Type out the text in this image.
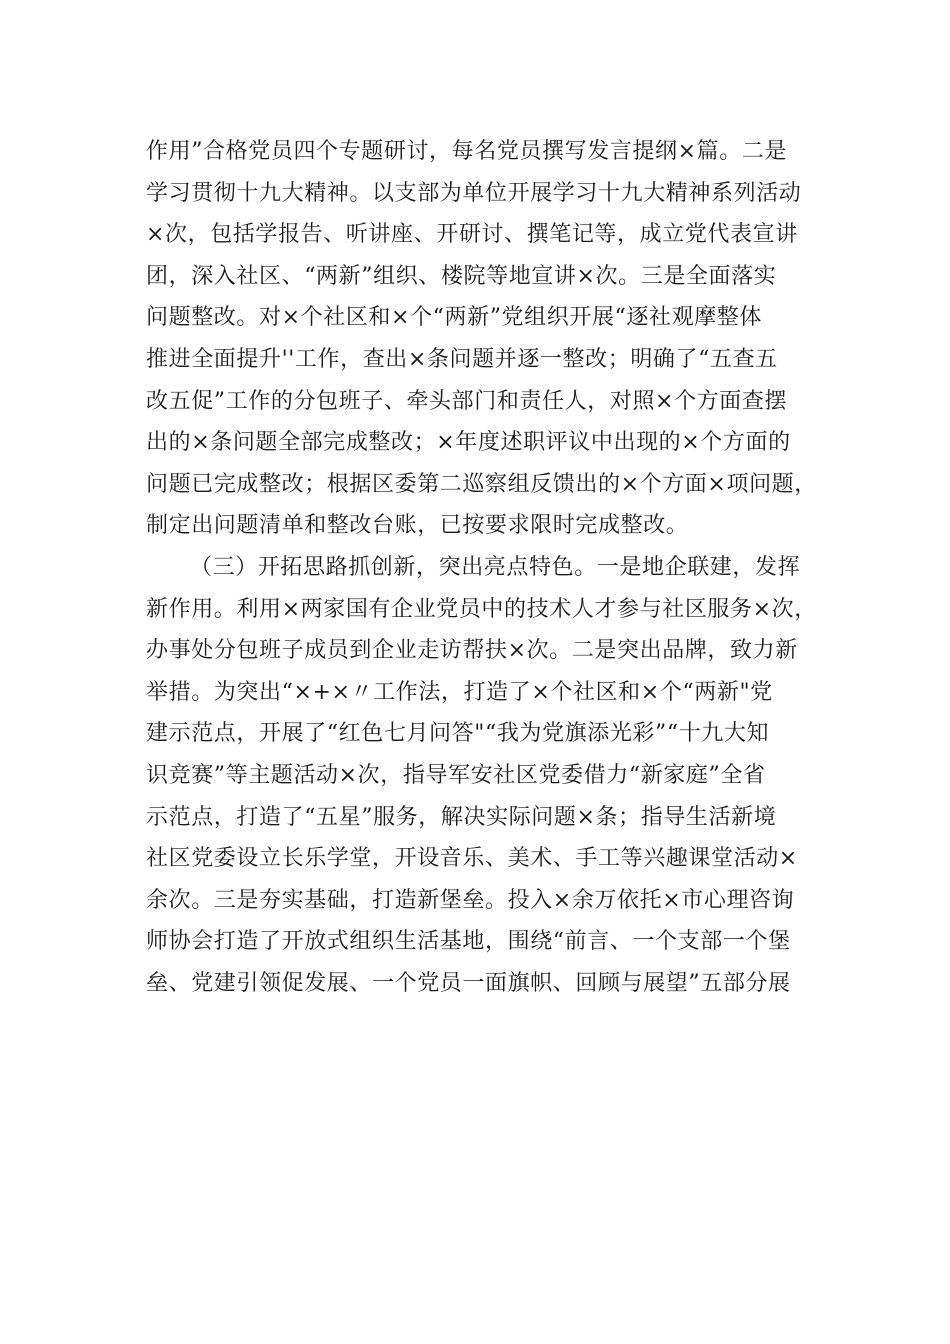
作用”合格党员四个专题研讨，每名党员撰写发言提纲×篇。二是
学习贯彻十九大精神。以支部为单位开展学习十九大精神系列活动
×次，包括学报告、听讲座、开研讨、撰笔记等，成立党代表宣讲
团，深入社区、“两新”组织、楼院等地宣讲×次。三是全面落实
问题整改。对×个社区和×个“两新”党组织开展“逐社观摩整体
推进全面提升''工作，查出×条问题并逐一整改；明确了“五查五
改五促”工作的分包班子、牵头部门和责任人，对照×个方面查摆
出的×条问题全部完成整改；×年度述职评议中出现的×个方面的
问题已完成整改；根据区委第二巡察组反馈出的×个方面×项问题，
制定出问题清单和整改台账，已按要求限时完成整改。
（三）开拓思路抓创新，突出亮点特色。一是地企联建，发挥
新作用。利用×两家国有企业党员中的技术人才参与社区服务×次，
办事处分包班子成员到企业走访帮扶×次。二是突出品牌，致力新
举措。为突出“×+×〃工作法，打造了×个社区和×个“两新"党
建示范点，开展了“红色七月问答"“我为党旗添光彩”“十九大知
识竞赛”等主题活动×次，指导军安社区党委借力“新家庭”全省
示范点，打造了“五星”服务，解决实际问题×条；指导生活新境
社区党委设立长乐学堂，开设音乐、美术、手工等兴趣课堂活动×
余次。三是夯实基础，打造新堡垒。投入×余万依托×市心理咨询
师协会打造了开放式组织生活基地，围绕“前言、一个支部一个堡
垒、党建引领促发展、一个党员一面旗帜、回顾与展望”五部分展
